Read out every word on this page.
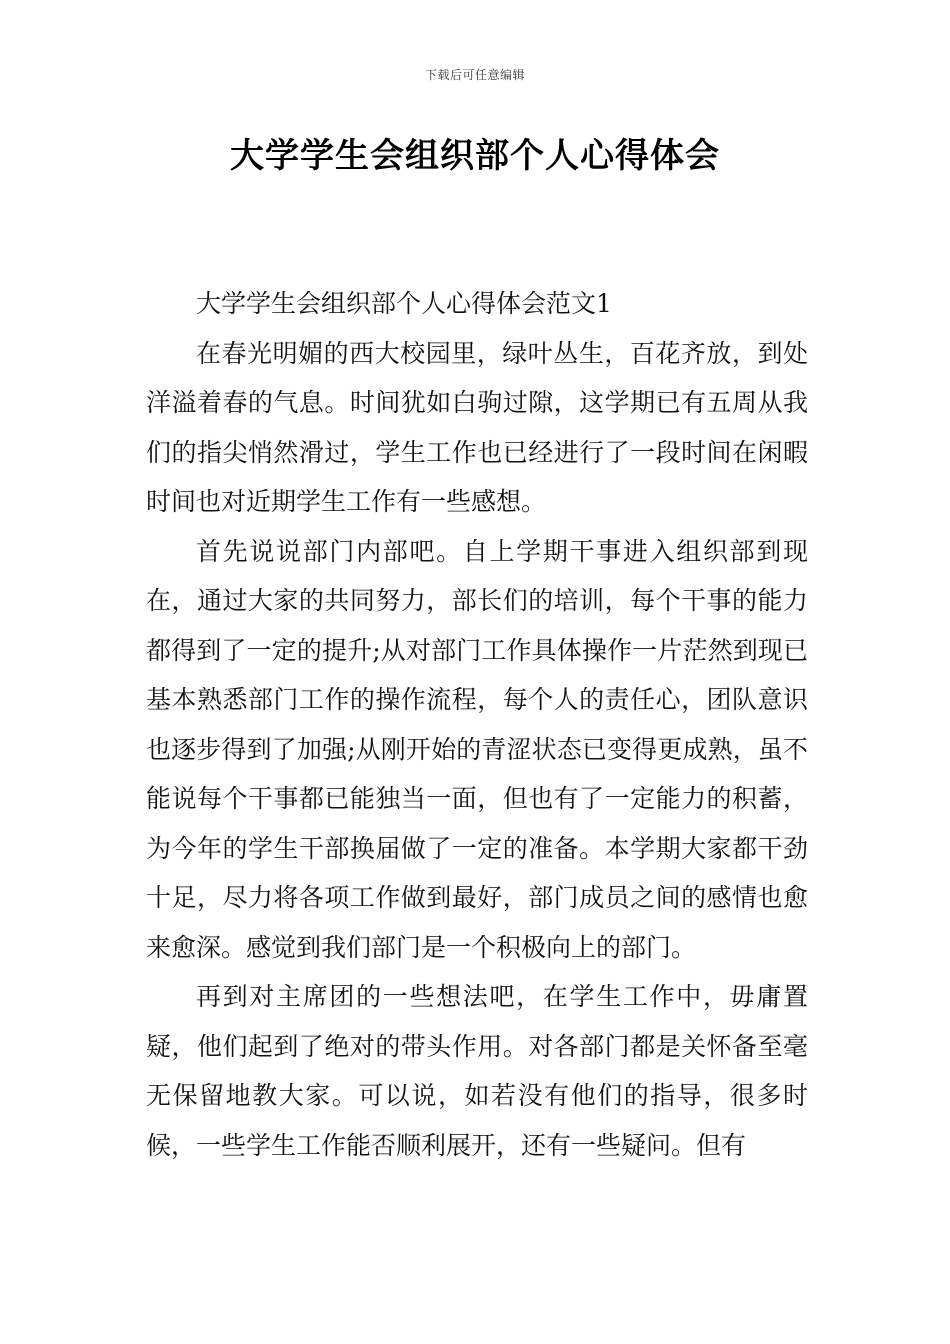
下载后可任意编辑
大学学生会组织部个人心得体会

大学学生会组织部个人心得体会范文1

在春光明媚的西大校园里，绿叶丛生，百花齐放，到处洋溢着春的气息。时间犹如白驹过隙，这学期已有五周从我们的指尖悄然滑过，学生工作也已经进行了一段时间在闲暇时间也对近期学生工作有一些感想。

首先说说部门内部吧。自上学期干事进入组织部到现在，通过大家的共同努力，部长们的培训，每个干事的能力都得到了一定的提升;从对部门工作具体操作一片茫然到现已基本熟悉部门工作的操作流程，每个人的责任心，团队意识也逐步得到了加强;从刚开始的青涩状态已变得更成熟，虽不能说每个干事都已能独当一面，但也有了一定能力的积蓄，为今年的学生干部换届做了一定的准备。本学期大家都干劲十足，尽力将各项工作做到最好，部门成员之间的感情也愈来愈深。感觉到我们部门是一个积极向上的部门。

再到对主席团的一些想法吧，在学生工作中，毋庸置疑，他们起到了绝对的带头作用。对各部门都是关怀备至毫无保留地教大家。可以说，如若没有他们的指导，很多时候，一些学生工作能否顺利展开，还有一些疑问。但有
